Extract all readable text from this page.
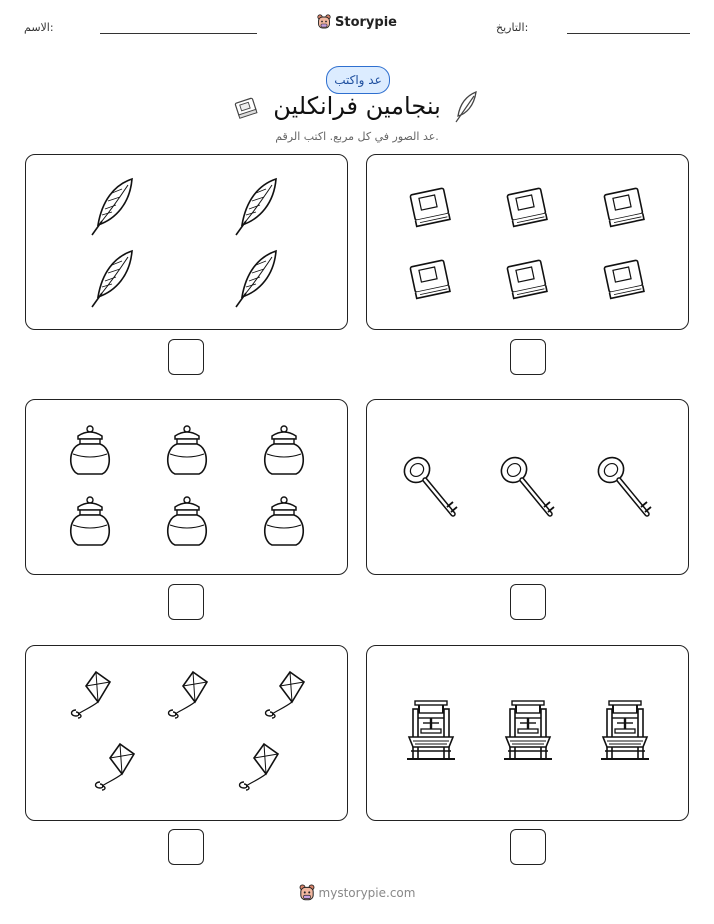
الاسم:	Storypie	التاريخ:
عد واكتب
بنجامين فرانكلين
عد الصور في كل مربع. اكتب الرقم.
mystorypie.com
